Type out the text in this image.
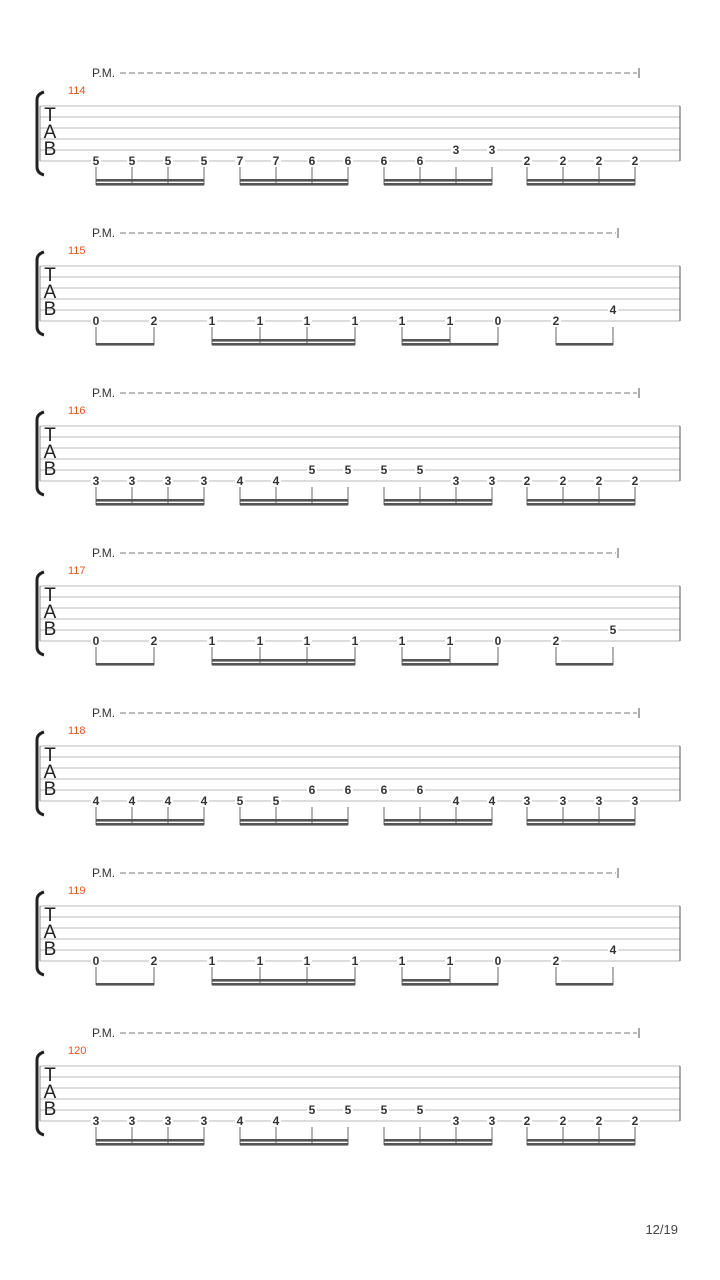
P.M.
114
T
A
B
5 5 5 5 7 7 6 6 6 6
3 3
2 2 2 2
P.M.
115
T
A
B
0	2	1	1	1	1	1	1	0	2
4
P.M.
116
T
A
B
3 3 3 3 4 4
5 5 5 5
3 3 2 2 2 2
P.M.
117
T
A
B
0	2	1	1	1	1	1	1	0	2
5
P.M.
118
T
A
B
4 4 4 4 5 5
6 6 6 6
4 4 3 3 3 3
P.M.
119
T
A
B
0	2	1	1	1	1	1	1	0	2
4
P.M.
120
T
A
B
3 3 3 3 4 4
5 5 5 5
3 3 2 2 2 2
12/19
